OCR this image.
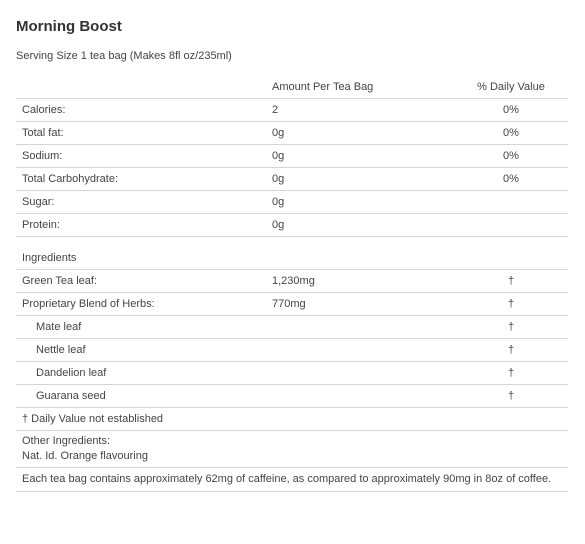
Morning Boost
Serving Size 1 tea bag (Makes 8fl oz/235ml)
	Amount Per Tea Bag	% Daily Value
Calories:	2	0%
Total fat:	0g	0%
Sodium:	0g	0%
Total Carbohydrate:	0g	0%
Sugar:	0g	
Protein:	0g	

Ingredients		
Green Tea leaf:	1,230mg	†
Proprietary Blend of Herbs:	770mg	†
Mate leaf		†
Nettle leaf		†
Dandelion leaf		†
Guarana seed		†
† Daily Value not established		

Other Ingredients:
Nat. Id. Orange flavouring		

Each tea bag contains approximately 62mg of caffeine, as compared to approximately 90mg in 8oz of coffee.		
